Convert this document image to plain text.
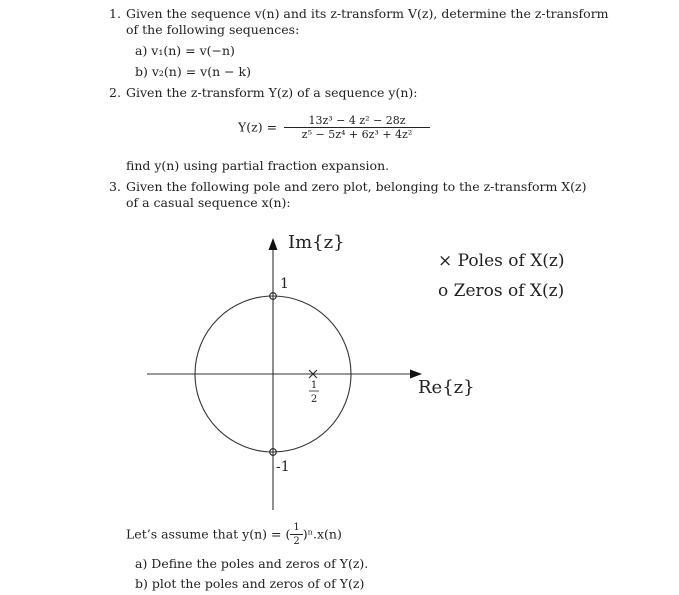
1. Given the sequence v(n) and its z-transform V(z), determine the z-transform
of the following sequences:
a) v₁(n) = v(−n)
b) v₂(n) = v(n − k)
2. Given the z-transform Y(z) of a sequence y(n):
$Y(z) = \frac{\text{13z³ − 4 z² − 28z}}{\text{z⁵ − 5z⁴ + 6z³ + 4z²}}$
find y(n) using partial fraction expansion.
3. Given the following pole and zero plot, belonging to the z-transform X(z)
of a casual sequence x(n):
Im{z}
Re{z}
1
-1
1
2
× Poles of X(z)
o Zeros of X(z)
Let’s assume that y(n) = ( $\frac{1}{2} )^n.x(n)$
a) Define the poles and zeros of Y(z).
b) plot the poles and zeros of of Y(z)
